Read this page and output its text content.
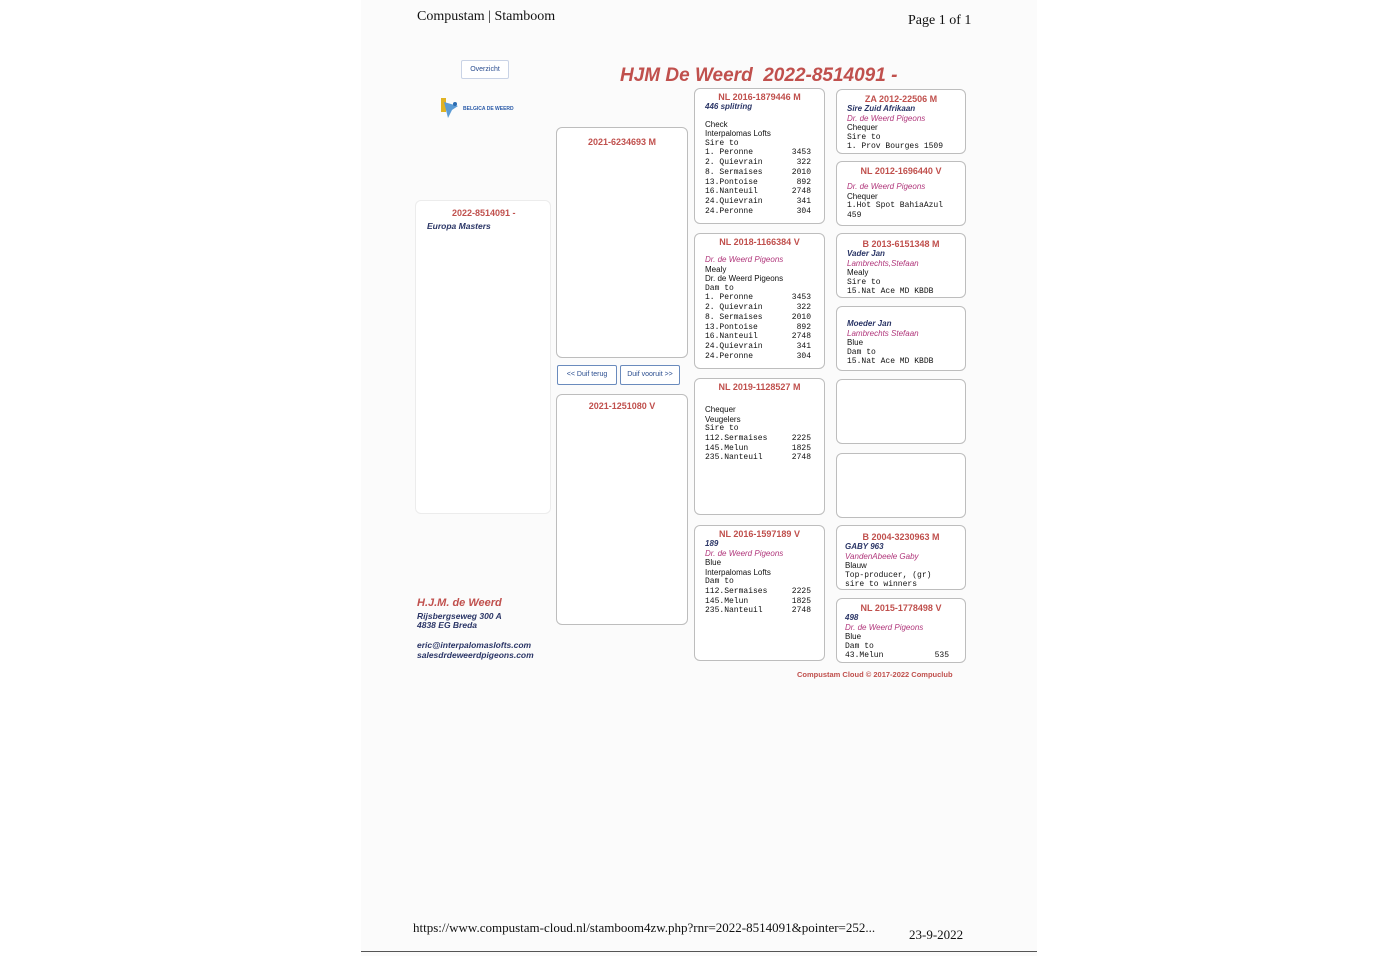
Compustam | Stamboom	Page 1 of 1
Overzicht
BELGICA DE WEERD
HJM De Weerd  2022-8514091 -
2022-8514091 -
Europa Masters
H.J.M. de Weerd
Rijsbergseweg 300 A
4838 EG Breda
eric@interpalomaslofts.com
salesdrdeweerdpigeons.com
2021-6234693 M
<< Duif terug	Duif vooruit >>
2021-1251080 V
NL 2016-1879446 M
446 splitring
Check
Interpalomas Lofts
Sire to
1. Peronne	3453
2. Quievrain	322
8. Sermaises	2010
13.Pontoise	892
16.Nanteuil	2748
24.Quievrain	341
24.Peronne	304
NL 2018-1166384 V
Dr. de Weerd Pigeons
Mealy
Dr. de Weerd Pigeons
Dam to
1. Peronne	3453
2. Quievrain	322
8. Sermaises	2010
13.Pontoise	892
16.Nanteuil	2748
24.Quievrain	341
24.Peronne	304
NL 2019-1128527 M
Chequer
Veugelers
Sire to
112.Sermaises	2225
145.Melun	1825
235.Nanteuil	2748
NL 2016-1597189 V
189
Dr. de Weerd Pigeons
Blue
Interpalomas Lofts
Dam to
112.Sermaises	2225
145.Melun	1825
235.Nanteuil	2748
ZA 2012-22506 M
Sire Zuid Afrikaan
Dr. de Weerd Pigeons
Chequer
Sire to
1. Prov Bourges 1509
NL 2012-1696440 V
Dr. de Weerd Pigeons
Chequer
1.Hot Spot BahiaAzul
459
B 2013-6151348 M
Vader Jan
Lambrechts,Stefaan
Mealy
Sire to
15.Nat Ace MD KBDB
Moeder Jan
Lambrechts Stefaan
Blue
Dam to
15.Nat Ace MD KBDB
B 2004-3230963 M
GABY 963
VandenAbeele Gaby
Blauw
Top-producer, (gr)
sire to winners
NL 2015-1778498 V
498
Dr. de Weerd Pigeons
Blue
Dam to
43.Melun	535
Compustam Cloud © 2017-2022 Compuclub
https://www.compustam-cloud.nl/stamboom4zw.php?rnr=2022-8514091&pointer=252...	23-9-2022
